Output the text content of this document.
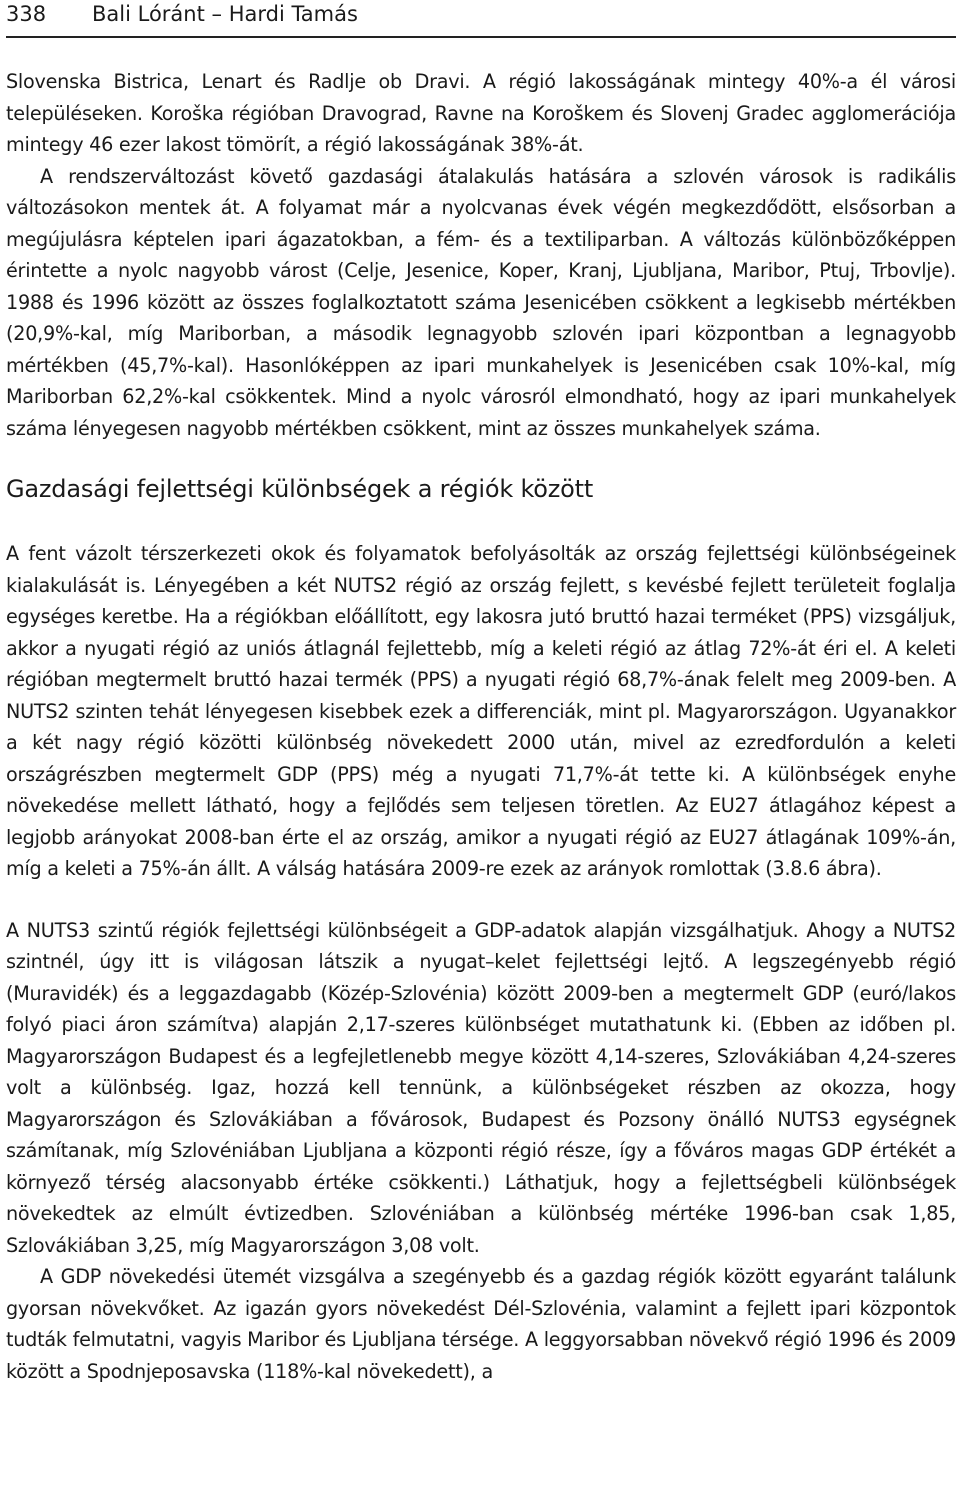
338	Bali Lóránt – Hardi Tamás

Slovenska Bistrica, Lenart és Radlje ob Dravi. A régió lakosságának mintegy 40%-a él városi településeken. Koroška régióban Dravograd, Ravne na Koroškem és Slovenj Gradec agglomerációja mintegy 46 ezer lakost tömörít, a régió lakosságának 38%-át.

A rendszerváltozást követő gazdasági átalakulás hatására a szlovén városok is radikális változásokon mentek át. A folyamat már a nyolcvanas évek végén megkezdődött, elsősorban a megújulásra képtelen ipari ágazatokban, a fém- és a textiliparban. A változás különbözőképpen érintette a nyolc nagyobb várost (Celje, Jesenice, Koper, Kranj, Ljubljana, Maribor, Ptuj, Trbovlje). 1988 és 1996 között az összes foglalkoztatott száma Jesenicében csökkent a legkisebb mértékben (20,9%-kal, míg Mariborban, a második legnagyobb szlovén ipari központban a legnagyobb mértékben (45,7%-kal). Hasonlóképpen az ipari munkahelyek is Jesenicében csak 10%-kal, míg Mariborban 62,2%-kal csökkentek. Mind a nyolc városról elmondható, hogy az ipari munkahelyek száma lényegesen nagyobb mértékben csökkent, mint az összes munkahelyek száma.

Gazdasági fejlettségi különbségek a régiók között

A fent vázolt térszerkezeti okok és folyamatok befolyásolták az ország fejlettségi különbségeinek kialakulását is. Lényegében a két NUTS2 régió az ország fejlett, s kevésbé fejlett területeit foglalja egységes keretbe. Ha a régiókban előállított, egy lakosra jutó bruttó hazai terméket (PPS) vizsgáljuk, akkor a nyugati régió az uniós átlagnál fejlettebb, míg a keleti régió az átlag 72%-át éri el. A keleti régióban megtermelt bruttó hazai termék (PPS) a nyugati régió 68,7%-ának felelt meg 2009-ben. A NUTS2 szinten tehát lényegesen kisebbek ezek a differenciák, mint pl. Magyarországon. Ugyanakkor a két nagy régió közötti különbség növekedett 2000 után, mivel az ezredfordulón a keleti országrészben megtermelt GDP (PPS) még a nyugati 71,7%-át tette ki. A különbségek enyhe növekedése mellett látható, hogy a fejlődés sem teljesen töretlen. Az EU27 átlagához képest a legjobb arányokat 2008-ban érte el az ország, amikor a nyugati régió az EU27 átlagának 109%-án, míg a keleti a 75%-án állt. A válság hatására 2009-re ezek az arányok romlottak (3.8.6 ábra).

A NUTS3 szintű régiók fejlettségi különbségeit a GDP-adatok alapján vizsgálhatjuk. Ahogy a NUTS2 szintnél, úgy itt is világosan látszik a nyugat–kelet fejlettségi lejtő. A legszegényebb régió (Muravidék) és a leggazdagabb (Közép-Szlovénia) között 2009-ben a megtermelt GDP (euró/lakos folyó piaci áron számítva) alapján 2,17-szeres különbséget mutathatunk ki. (Ebben az időben pl. Magyarországon Budapest és a legfejletlenebb megye között 4,14-szeres, Szlovákiában 4,24-szeres volt a különbség. Igaz, hozzá kell tennünk, a különbségeket részben az okozza, hogy Magyarországon és Szlovákiában a fővárosok, Budapest és Pozsony önálló NUTS3 egységnek számítanak, míg Szlovéniában Ljubljana a központi régió része, így a főváros magas GDP értékét a környező térség alacsonyabb értéke csökkenti.) Láthatjuk, hogy a fejlettségbeli különbségek növekedtek az elmúlt évtizedben. Szlovéniában a különbség mértéke 1996-ban csak 1,85, Szlovákiában 3,25, míg Magyarországon 3,08 volt.

A GDP növekedési ütemét vizsgálva a szegényebb és a gazdag régiók között egyaránt találunk gyorsan növekvőket. Az igazán gyors növekedést Dél-Szlovénia, valamint a fejlett ipari központok tudták felmutatni, vagyis Maribor és Ljubljana térsége. A leggyorsabban növekvő régió 1996 és 2009 között a Spodnjeposavska (118%-kal növekedett), a
